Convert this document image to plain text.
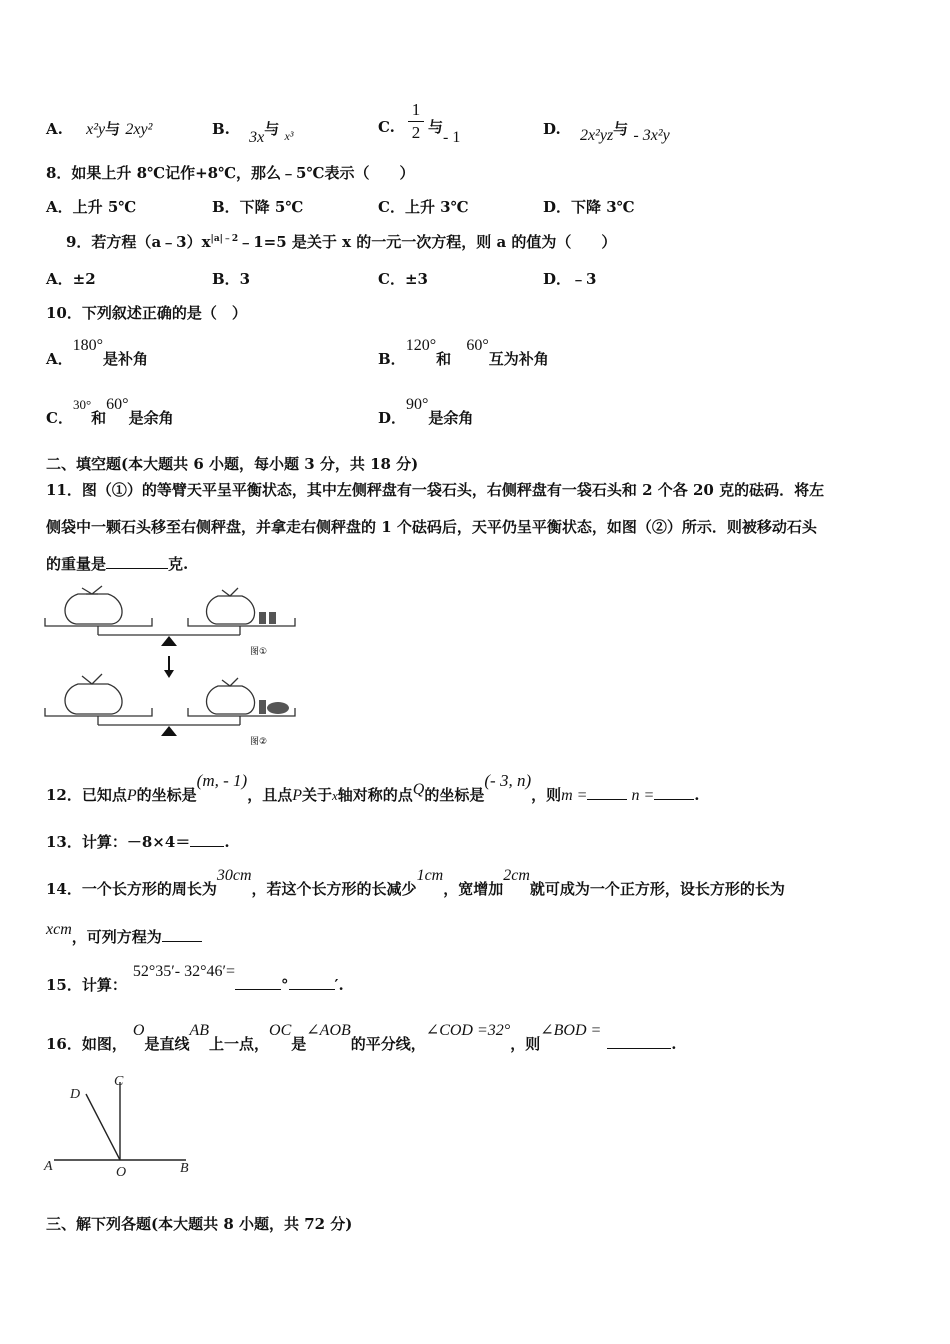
A. x²y与 2xy²	B. 3x与 $_{x^3}$	C.
1
2 与- 1	D. 2x²yz与 - 3x²y
8．如果上升 8℃记作+8℃，那么﹣5℃表示（　　）
A．上升 5℃	B．下降 5℃	C．上升 3℃	D．下降 3℃
9．若方程$(a﹣3)x^{|a|﹣2}﹣1=5$ 是关于 x 的一元一次方程，则 a 的值为（　　）
A．±2	B．3	C．±3	D．﹣3
10．下列叙述正确的是（　）
A．180°是补角	B．120°和 60°互为补角
C．30°和60°是余角	D．90°是余角
二、填空题(本大题共 6 小题，每小题 3 分，共 18 分)
11．图（①）的等臂天平呈平衡状态，其中左侧秤盘有一袋石头，右侧秤盘有一袋石头和 2 个各 20 克的砝码．将左
侧袋中一颗石头移至右侧秤盘，并拿走右侧秤盘的 1 个砝码后，天平仍呈平衡状态，如图（②）所示．则被移动石头
的重量是	克.
图①
图②
12．已知点P的坐标是(m, - 1)，且点P关于x轴对称的点Q的坐标是(- 3, n)，则m =	n =	.
13．计算：－8×4＝ .
14．一个长方形的周长为30cm，若这个长方形的长减少1cm，宽增加2cm就可成为一个正方形，设长方形的长为
xcm，可列方程为
15．计算：52°35′- 32°46′=°	′.
16．如图，O是直线AB上一点，OC是∠AOB的平分线，∠COD =32°，则∠BOD =.
D
C
A	O	B
三、解下列各题(本大题共 8 小题，共 72 分)
